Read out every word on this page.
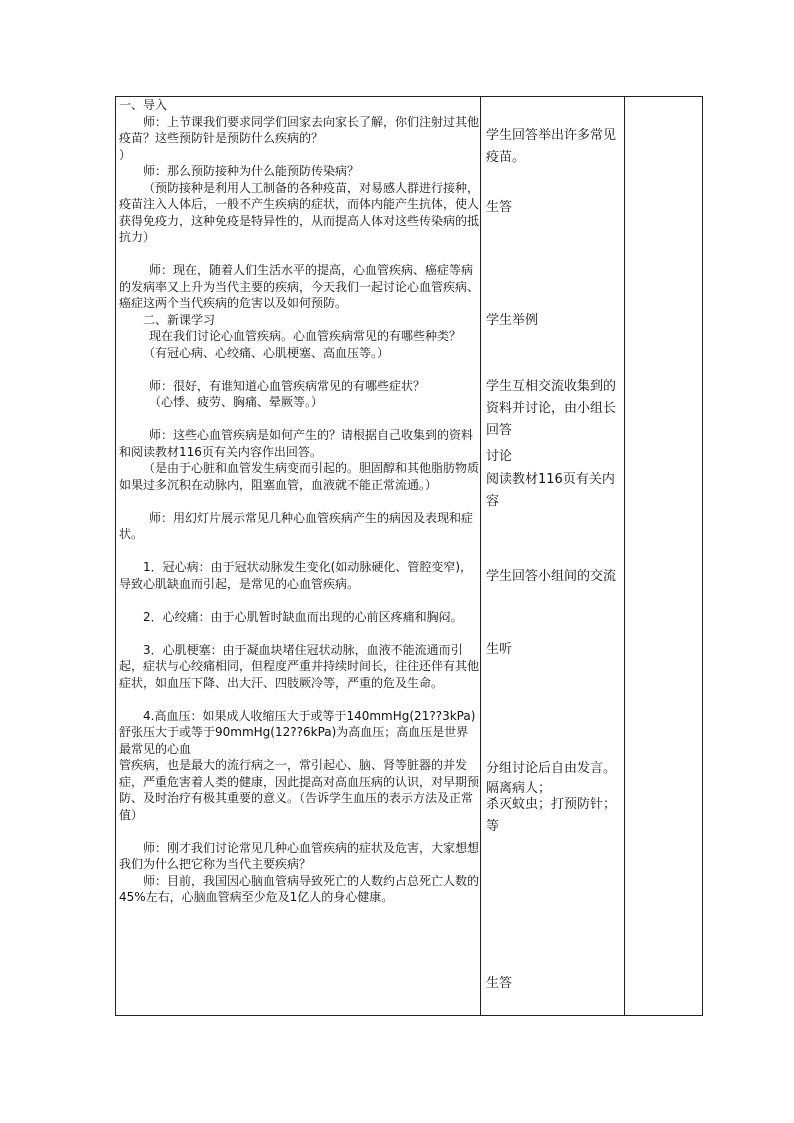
一、导入

师：上节课我们要求同学们回家去向家长了解，你们注射过其他疫苗？这些预防针是预防什么疾病的？

）

师：那么预防接种为什么能预防传染病？

（预防接种是利用人工制备的各种疫苗，对易感人群进行接种，疫苗注入人体后，一般不产生疾病的症状，而体内能产生抗体，使人获得免疫力，这种免疫是特异性的，从而提高人体对这些传染病的抵抗力）

师：现在，随着人们生活水平的提高，心血管疾病、癌症等病的发病率又上升为当代主要的疾病，今天我们一起讨论心血管疾病、癌症这两个当代疾病的危害以及如何预防。

二、新课学习

现在我们讨论心血管疾病。心血管疾病常见的有哪些种类？

（有冠心病、心绞痛、心肌梗塞、高血压等。）

师：很好，有谁知道心血管疾病常见的有哪些症状？

（心悸、疲劳、胸痛、晕厥等。）

师：这些心血管疾病是如何产生的？请根据自己收集到的资料和阅读教材116页有关内容作出回答。

（是由于心脏和血管发生病变而引起的。胆固醇和其他脂肪物质如果过多沉积在动脉内，阻塞血管，血液就不能正常流通。）

师：用幻灯片展示常见几种心血管疾病产生的病因及表现和症状。

1．冠心病：由于冠状动脉发生变化(如动脉硬化、管腔变窄)，导致心肌缺血而引起，是常见的心血管疾病。

2．心绞痛：由于心肌暂时缺血而出现的心前区疼痛和胸闷。

3．心肌梗塞：由于凝血块堵住冠状动脉，血液不能流通而引起，症状与心绞痛相同，但程度严重并持续时间长，往往还伴有其他症状，如血压下降、出大汗、四肢厥冷等，严重的危及生命。

4.高血压：如果成人收缩压大于或等于140mmHg(21??3kPa)舒张压大于或等于90mmHg(12??6kPa)为高血压；高血压是世界最常见的心血

管疾病，也是最大的流行病之一，常引起心、脑、肾等脏器的并发症，严重危害着人类的健康，因此提高对高血压病的认识，对早期预防、及时治疗有极其重要的意义。（告诉学生血压的表示方法及正常值）

师：刚才我们讨论常见几种心血管疾病的症状及危害，大家想想我们为什么把它称为当代主要疾病？

师：目前，我国因心脑血管病导致死亡的人数约占总死亡人数的45%左右，心脑血管病至少危及1亿人的身心健康。

学生回答举出许多常见疫苗。
生答
学生举例
学生互相交流收集到的资料并讨论，由小组长回答
讨论
阅读教材116页有关内容
学生回答小组间的交流
生听
分组讨论后自由发言。
隔离病人；
杀灭蚊虫；打预防针；等
生答
